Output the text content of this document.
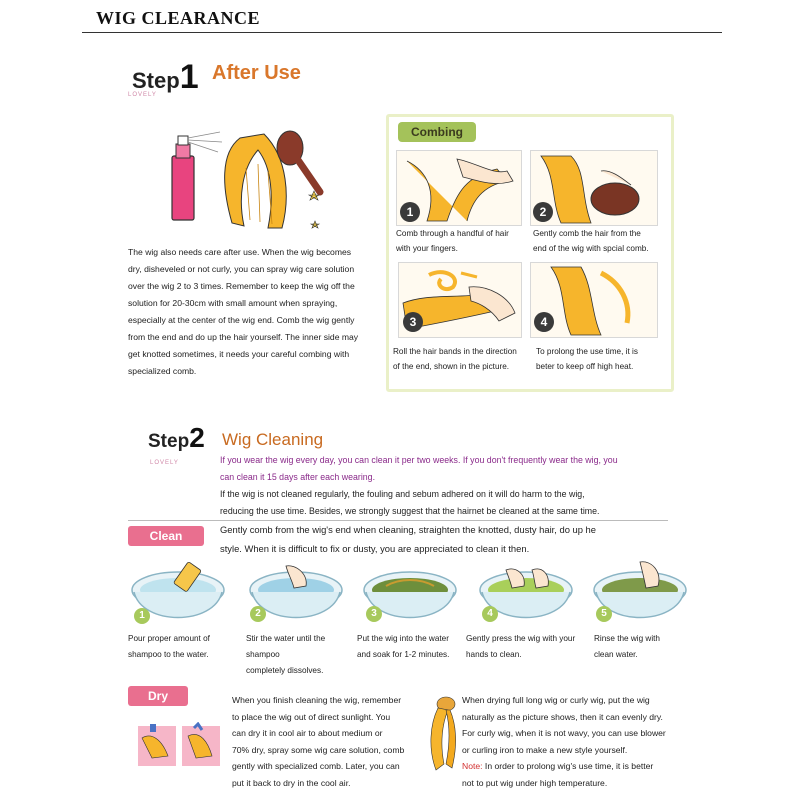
WIG CLEARANCE
Step1
LOVELY
After Use
The wig also needs care after use. When the wig becomes
dry, disheveled or not curly, you can spray wig care solution
over the wig 2 to 3 times. Remember to keep the wig off the
solution for 20-30cm with small amount when spraying,
especially at the center of the wig end. Comb the wig gently
from the end and do up the hair yourself. The inner side may
get knotted sometimes, it needs your careful combing with
specialized comb.
Combing
1	2
Comb through a handful of hair
with your fingers.
Gently comb the hair from the
end of the wig with spcial comb.
3	4
Roll the hair bands in the direction
of the end, shown in the picture.
To prolong the use time, it is
beter to keep off high heat.
Step2
LOVELY
Wig Cleaning
If you wear the wig every day, you can clean it per two weeks. If you don't frequently wear the wig, you
can clean it 15 days after each wearing.
If the wig is not cleaned regularly, the fouling and sebum adhered on it will do harm to the wig,
reducing the use time. Besides, we strongly suggest that the hairnet be cleaned at the same time.
Clean	Gently comb from the wig's end when cleaning, straighten the knotted, dusty hair, do up he
style. When it is difficult to fix or dusty, you are appreciated to clean it then.
1	2	3	4	5
Pour proper amount of
shampoo to the water.
Stir the water until the shampoo
completely dissolves.
Put the wig into the water
and soak for 1-2 minutes.
Gently press the wig with your
hands to clean.
Rinse the wig with
clean water.
Dry	When you finish cleaning the wig, remember
to place the wig out of direct sunlight. You
can dry it in cool air to about medium or
70% dry, spray some wig care solution, comb
gently with specialized comb. Later, you can
put it back to dry in the cool air.
When drying full long wig or curly wig, put the wig
naturally as the picture shows, then it can evenly dry.
For curly wig, when it is not wavy, you can use blower
or curling iron to make a new style yourself.
Note: In order to prolong wig's use time, it is better
not to put wig under high temperature.
